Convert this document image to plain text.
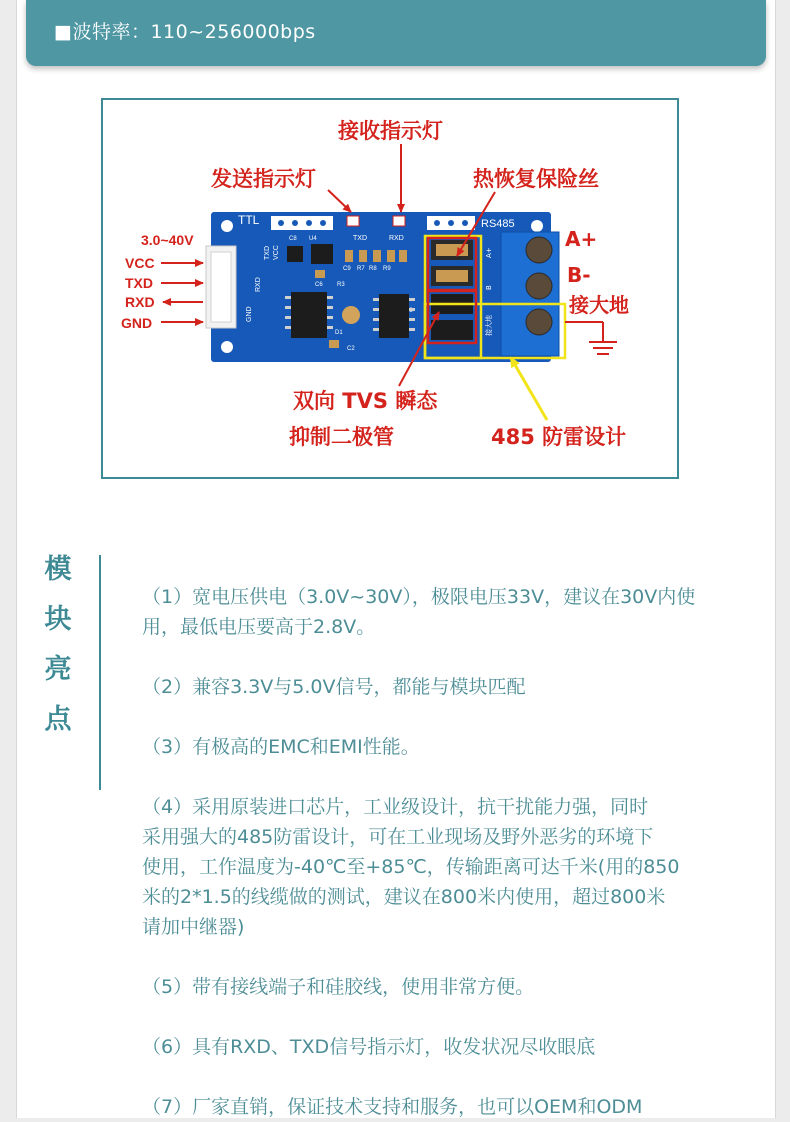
■波特率：110~256000bps
TTL
GND
RXD
TXD VCC
TXD	RXD
RS485
C8 U4
C9 R7 R8 R9
C6 R3
C2
D1
A+
B
接大地
接收指示灯
发送指示灯	热恢复保险丝
双向 TVS 瞬态
抑制二极管	485 防雷设计
A+
B-
接大地
3.0~40V
VCC
TXD
RXD
GND
模
块
亮
点
（1）宽电压供电（3.0V~30V），极限电压33V，建议在30V内使
用，最低电压要高于2.8V。
（2）兼容3.3V与5.0V信号，都能与模块匹配
（3）有极高的EMC和EMI性能。
（4）采用原装进口芯片，工业级设计，抗干扰能力强，同时
采用强大的485防雷设计，可在工业现场及野外恶劣的环境下
使用，工作温度为-40℃至+85℃，传输距离可达千米(用的850
米的2*1.5的线缆做的测试，建议在800米内使用，超过800米
请加中继器)
（5）带有接线端子和硅胶线，使用非常方便。
（6）具有RXD、TXD信号指示灯，收发状况尽收眼底
（7）厂家直销，保证技术支持和服务，也可以OEM和ODM
